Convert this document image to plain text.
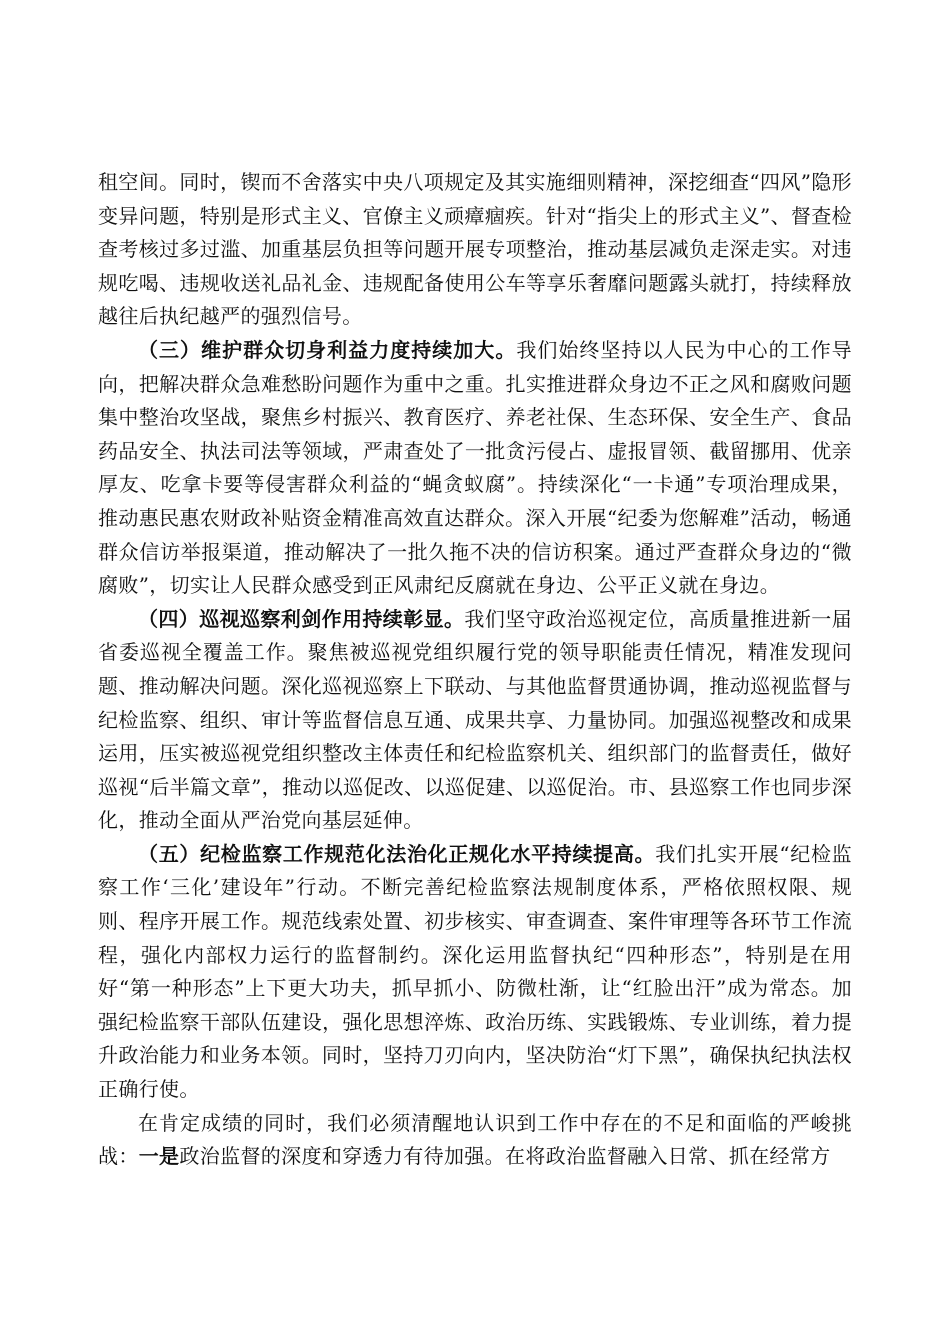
租空间。同时，锲而不舍落实中央八项规定及其实施细则精神，深挖细查“四风”隐形变异问题，特别是形式主义、官僚主义顽瘴痼疾。针对“指尖上的形式主义”、督查检查考核过多过滥、加重基层负担等问题开展专项整治，推动基层减负走深走实。对违规吃喝、违规收送礼品礼金、违规配备使用公车等享乐奢靡问题露头就打，持续释放越往后执纪越严的强烈信号。

（三）维护群众切身利益力度持续加大。我们始终坚持以人民为中心的工作导向，把解决群众急难愁盼问题作为重中之重。扎实推进群众身边不正之风和腐败问题集中整治攻坚战，聚焦乡村振兴、教育医疗、养老社保、生态环保、安全生产、食品药品安全、执法司法等领域，严肃查处了一批贪污侵占、虚报冒领、截留挪用、优亲厚友、吃拿卡要等侵害群众利益的“蝇贪蚁腐”。持续深化“一卡通”专项治理成果，推动惠民惠农财政补贴资金精准高效直达群众。深入开展“纪委为您解难”活动，畅通群众信访举报渠道，推动解决了一批久拖不决的信访积案。通过严查群众身边的“微腐败”，切实让人民群众感受到正风肃纪反腐就在身边、公平正义就在身边。

（四）巡视巡察利剑作用持续彰显。我们坚守政治巡视定位，高质量推进新一届省委巡视全覆盖工作。聚焦被巡视党组织履行党的领导职能责任情况，精准发现问题、推动解决问题。深化巡视巡察上下联动、与其他监督贯通协调，推动巡视监督与纪检监察、组织、审计等监督信息互通、成果共享、力量协同。加强巡视整改和成果运用，压实被巡视党组织整改主体责任和纪检监察机关、组织部门的监督责任，做好巡视“后半篇文章”，推动以巡促改、以巡促建、以巡促治。市、县巡察工作也同步深化，推动全面从严治党向基层延伸。

（五）纪检监察工作规范化法治化正规化水平持续提高。我们扎实开展“纪检监察工作‘三化’建设年”行动。不断完善纪检监察法规制度体系，严格依照权限、规则、程序开展工作。规范线索处置、初步核实、审查调查、案件审理等各环节工作流程，强化内部权力运行的监督制约。深化运用监督执纪“四种形态”，特别是在用好“第一种形态”上下更大功夫，抓早抓小、防微杜渐，让“红脸出汗”成为常态。加强纪检监察干部队伍建设，强化思想淬炼、政治历练、实践锻炼、专业训练，着力提升政治能力和业务本领。同时，坚持刀刃向内，坚决防治“灯下黑”，确保执纪执法权正确行使。

在肯定成绩的同时，我们必须清醒地认识到工作中存在的不足和面临的严峻挑战：一是政治监督的深度和穿透力有待加强。在将政治监督融入日常、抓在经常方
